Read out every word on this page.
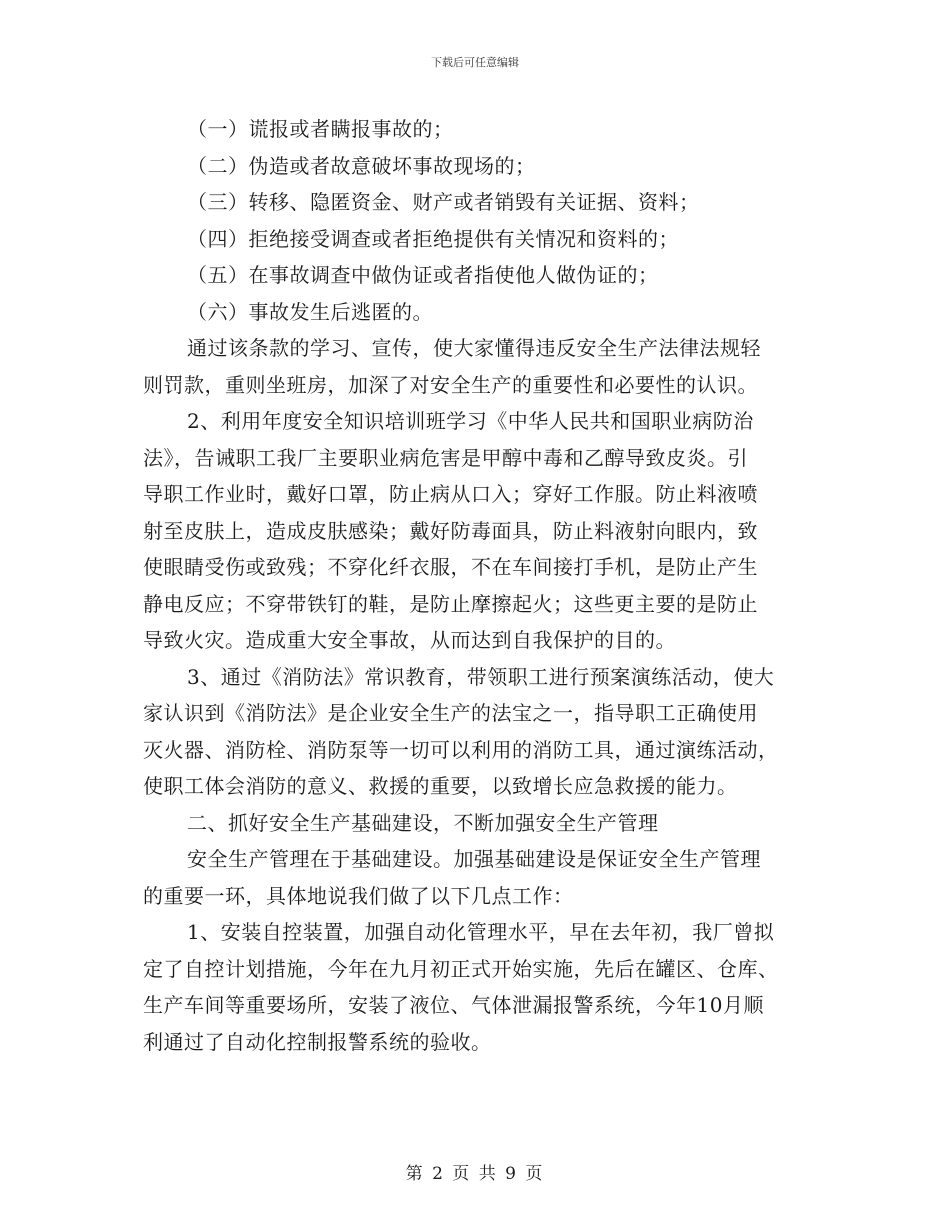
下载后可任意编辑
（一）谎报或者瞒报事故的；
（二）伪造或者故意破坏事故现场的；
（三）转移、隐匿资金、财产或者销毁有关证据、资料；
（四）拒绝接受调查或者拒绝提供有关情况和资料的；
（五）在事故调查中做伪证或者指使他人做伪证的；
（六）事故发生后逃匿的。
通过该条款的学习、宣传，使大家懂得违反安全生产法律法规轻
则罚款，重则坐班房，加深了对安全生产的重要性和必要性的认识。
2、利用年度安全知识培训班学习《中华人民共和国职业病防治
法》，告诫职工我厂主要职业病危害是甲醇中毒和乙醇导致皮炎。引
导职工作业时，戴好口罩，防止病从口入；穿好工作服。防止料液喷
射至皮肤上，造成皮肤感染；戴好防毒面具，防止料液射向眼内，致
使眼睛受伤或致残；不穿化纤衣服，不在车间接打手机，是防止产生
静电反应；不穿带铁钉的鞋，是防止摩擦起火；这些更主要的是防止
导致火灾。造成重大安全事故，从而达到自我保护的目的。
3、通过《消防法》常识教育，带领职工进行预案演练活动，使大
家认识到《消防法》是企业安全生产的法宝之一，指导职工正确使用
灭火器、消防栓、消防泵等一切可以利用的消防工具，通过演练活动，
使职工体会消防的意义、救援的重要，以致增长应急救援的能力。
二、抓好安全生产基础建设，不断加强安全生产管理
安全生产管理在于基础建设。加强基础建设是保证安全生产管理
的重要一环，具体地说我们做了以下几点工作：
1、安装自控装置，加强自动化管理水平，早在去年初，我厂曾拟
定了自控计划措施，今年在九月初正式开始实施，先后在罐区、仓库、
生产车间等重要场所，安装了液位、气体泄漏报警系统，今年10月顺
利通过了自动化控制报警系统的验收。
第 2 页 共 9 页
